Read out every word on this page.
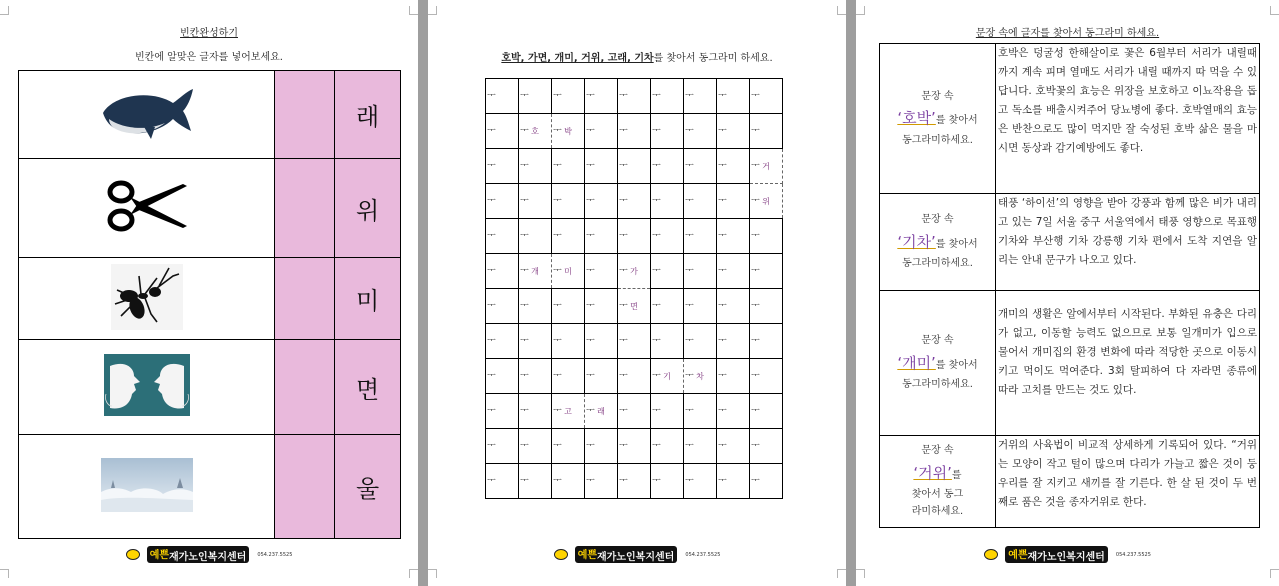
빈칸완성하기
빈칸에 알맞은 글자를 넣어보세요.
		래
		위
		미
		면
		울
예쁜재가노인복지센터 054.237.5525
호박, 가면, 개미, 거위, 고래, 기차를 찾아서 동그라미 하세요.
ᅮ	ᅮ	ᅮ	ᅮ	ᅮ	ᅮ	ᅮ	ᅮ	ᅮ

ᅮ	ᅮ 호	ᅮ 박	ᅮ	ᅮ	ᅮ	ᅮ	ᅮ	ᅮ

ᅮ	ᅮ	ᅮ	ᅮ	ᅮ	ᅮ	ᅮ	ᅮ	ᅮ 거

ᅮ	ᅮ	ᅮ	ᅮ	ᅮ	ᅮ	ᅮ	ᅮ	ᅮ 위

ᅮ	ᅮ	ᅮ	ᅮ	ᅮ	ᅮ	ᅮ	ᅮ	ᅮ

ᅮ	ᅮ 개	ᅮ 미	ᅮ	ᅮ 가	ᅮ	ᅮ	ᅮ	ᅮ

ᅮ	ᅮ	ᅮ	ᅮ	ᅮ 면	ᅮ	ᅮ	ᅮ	ᅮ

ᅮ	ᅮ	ᅮ	ᅮ	ᅮ	ᅮ	ᅮ	ᅮ	ᅮ

ᅮ	ᅮ	ᅮ	ᅮ	ᅮ	ᅮ 기	ᅮ 차	ᅮ	ᅮ

ᅮ	ᅮ	ᅮ 고	ᅮ 래	ᅮ	ᅮ	ᅮ	ᅮ	ᅮ

ᅮ	ᅮ	ᅮ	ᅮ	ᅮ	ᅮ	ᅮ	ᅮ	ᅮ

ᅮ	ᅮ	ᅮ	ᅮ	ᅮ	ᅮ	ᅮ	ᅮ	ᅮ
예쁜재가노인복지센터 054.237.5525
문장 속에 글자를 찾아서 동그라미 하세요.
문장 속
‘호박’를 찾아서
동그라미하세요.	호박은 덩굴성 한해살이로 꽃은 6월부터 서리가 내릴때까지 계속 피며 열매도 서리가 내릴 때까지 따 먹을 수 있답니다. 호박꽃의 효능은 위장을 보호하고 이뇨작용을 돕고 독소를 배출시켜주어 당뇨병에 좋다. 호박열매의 효능은 반찬으로도 많이 먹지만 잘 숙성된 호박 삶은 물을 마시면 동상과 감기예방에도 좋다.

문장 속
‘기차’를 찾아서
동그라미하세요.	태풍 ‘하이선’의 영향을 받아 강풍과 함께 많은 비가 내리고 있는 7일 서울 중구 서울역에서 태풍 영향으로 목표행 기차와 부산행 기차 강릉행 기차 편에서 도착 지연을 알리는 안내 문구가 나오고 있다.

문장 속
‘개미’를 찾아서
동그라미하세요.	개미의 생활은 알에서부터 시작된다. 부화된 유충은 다리가 없고, 이동할 능력도 없으므로 보통 일개미가 입으로 물어서 개미집의 환경 변화에 따라 적당한 곳으로 이동시키고 먹이도 먹여준다. 3회 탈피하여 다 자라면 종류에 따라 고치를 만드는 것도 있다.

문장 속
‘거위’를
찾아서 동그라미하세요.	거위의 사육법이 비교적 상세하게 기록되어 있다. “거위는 모양이 작고 털이 많으며 다리가 가늘고 짧은 것이 둥우리를 잘 지키고 새끼를 잘 기른다. 한 살 된 것이 두 번째로 품은 것을 종자거위로 한다.
예쁜재가노인복지센터 054.237.5525
